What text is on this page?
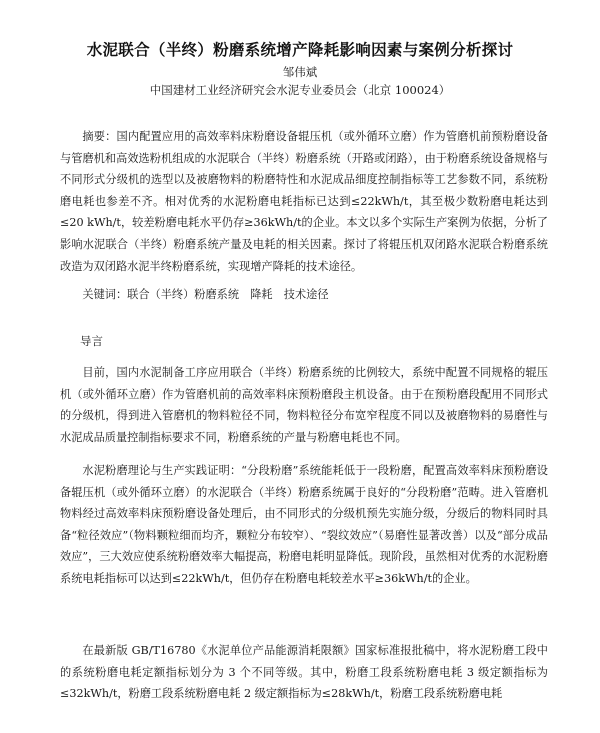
水泥联合（半终）粉磨系统增产降耗影响因素与案例分析探讨
邹伟斌
中国建材工业经济研究会水泥专业委员会（北京 100024）

摘要：国内配置应用的高效率料床粉磨设备辊压机（或外循环立磨）作为管磨机前预粉磨设备与管磨机和高效选粉机组成的水泥联合（半终）粉磨系统（开路或闭路），由于粉磨系统设备规格与不同形式分级机的选型以及被磨物料的粉磨特性和水泥成品细度控制指标等工艺参数不同，系统粉磨电耗也参差不齐。相对优秀的水泥粉磨电耗指标已达到≤22kWh/t，其至极少数粉磨电耗达到≤20 kWh/t，较差粉磨电耗水平仍存≥36kWh/t的企业。本文以多个实际生产案例为依据，分析了影响水泥联合（半终）粉磨系统产量及电耗的相关因素。探讨了将辊压机双闭路水泥联合粉磨系统改造为双闭路水泥半终粉磨系统，实现增产降耗的技术途径。

关键词：联合（半终）粉磨系统　降耗　技术途径

导言

目前，国内水泥制备工序应用联合（半终）粉磨系统的比例较大，系统中配置不同规格的辊压机（或外循环立磨）作为管磨机前的高效率料床预粉磨段主机设备。由于在预粉磨段配用不同形式的分级机，得到进入管磨机的物料粒径不同，物料粒径分布宽窄程度不同以及被磨物料的易磨性与水泥成品质量控制指标要求不同，粉磨系统的产量与粉磨电耗也不同。

水泥粉磨理论与生产实践证明：“分段粉磨”系统能耗低于一段粉磨，配置高效率料床预粉磨设备辊压机（或外循环立磨）的水泥联合（半终）粉磨系统属于良好的“分段粉磨”范畴。进入管磨机物料经过高效率料床预粉磨设备处理后，由不同形式的分级机预先实施分级，分级后的物料同时具备“粒径效应”（物料颗粒细而均齐，颗粒分布较窄）、“裂纹效应”（易磨性显著改善）以及“部分成品效应”，三大效应使系统粉磨效率大幅提高，粉磨电耗明显降低。现阶段，虽然相对优秀的水泥粉磨系统电耗指标可以达到≤22kWh/t，但仍存在粉磨电耗较差水平≥36kWh/t的企业。

在最新版 GB/T16780《水泥单位产品能源消耗限额》国家标准报批稿中，将水泥粉磨工段中的系统粉磨电耗定额指标划分为 3 个不同等级。其中，粉磨工段系统粉磨电耗 3 级定额指标为≤32kWh/t，粉磨工段系统粉磨电耗 2 级定额指标为≤28kWh/t，粉磨工段系统粉磨电耗
